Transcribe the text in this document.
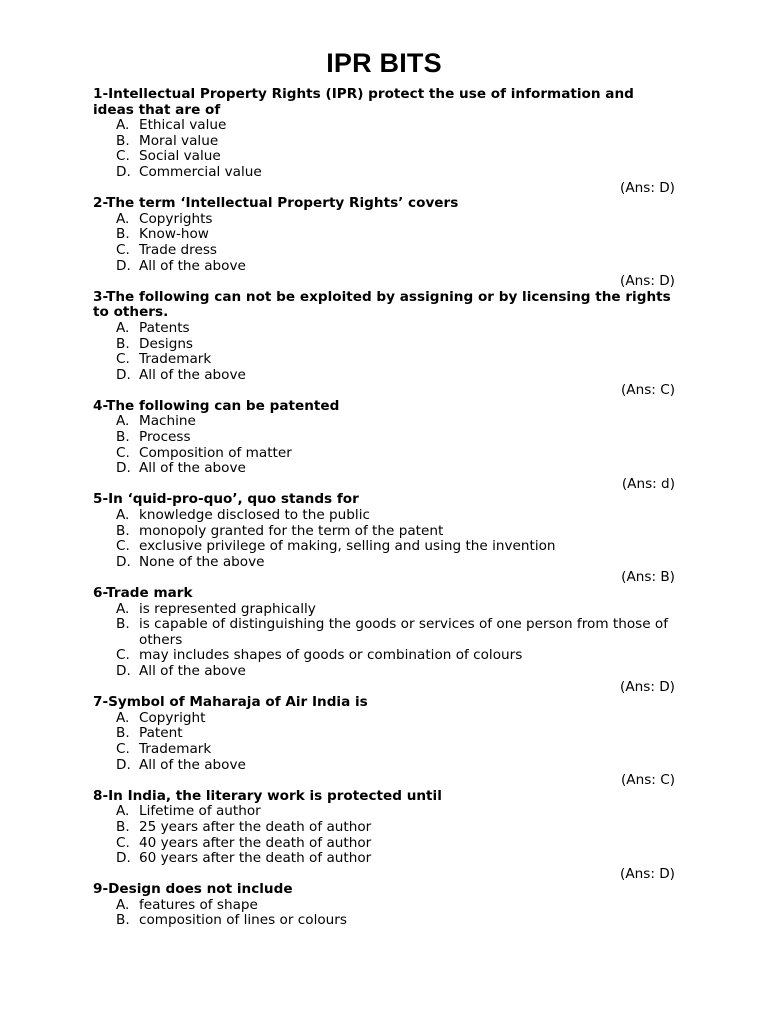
IPR BITS
1-Intellectual Property Rights (IPR) protect the use of information and ideas that are of
A. Ethical value
B. Moral value
C. Social value
D. Commercial value
(Ans: D)
2-The term ‘Intellectual Property Rights’ covers
A. Copyrights
B. Know-how
C. Trade dress
D. All of the above
(Ans: D)
3-The following can not be exploited by assigning or by licensing the rights to others.
A. Patents
B. Designs
C. Trademark
D. All of the above
(Ans: C)
4-The following can be patented
A. Machine
B. Process
C. Composition of matter
D. All of the above
(Ans: d)
5-In ‘quid-pro-quo’, quo stands for
A. knowledge disclosed to the public
B. monopoly granted for the term of the patent
C. exclusive privilege of making, selling and using the invention
D. None of the above
(Ans: B)
6-Trade mark
A. is represented graphically
B. is capable of distinguishing the goods or services of one person from those of others
C. may includes shapes of goods or combination of colours
D. All of the above
(Ans: D)
7-Symbol of Maharaja of Air India is
A. Copyright
B. Patent
C. Trademark
D. All of the above
(Ans: C)
8-In India, the literary work is protected until
A. Lifetime of author
B. 25 years after the death of author
C. 40 years after the death of author
D. 60 years after the death of author
(Ans: D)
9-Design does not include
A. features of shape
B. composition of lines or colours
